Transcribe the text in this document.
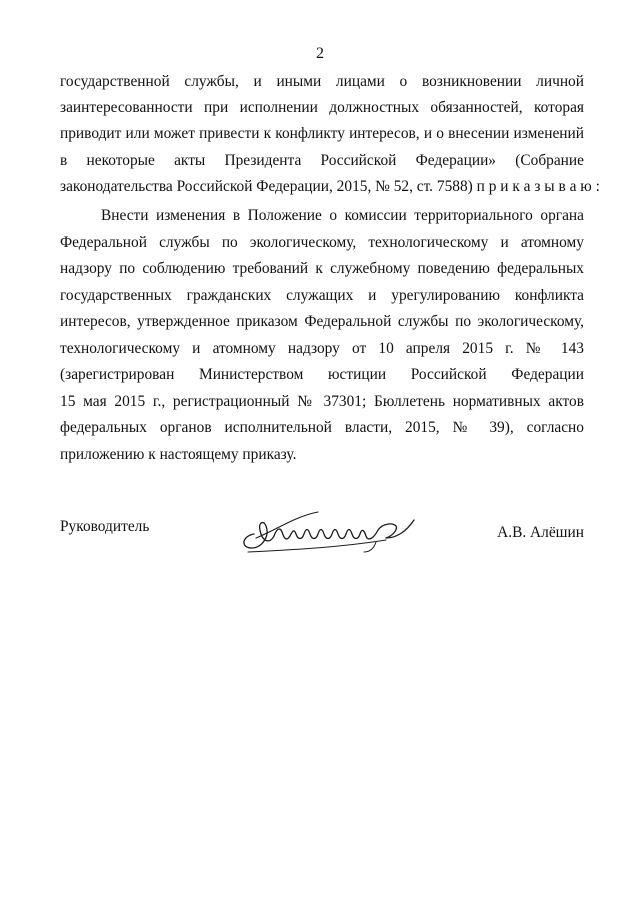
2
государственной службы, и иными лицами о возникновении личной
заинтересованности при исполнении должностных обязанностей, которая
приводит или может привести к конфликту интересов, и о внесении изменений
в некоторые акты Президента Российской Федерации» (Собрание
законодательства Российской Федерации, 2015, № 52, ст. 7588) п р и к а з ы в а ю :
Внести изменения в Положение о комиссии территориального органа
Федеральной службы по экологическому, технологическому и атомному
надзору по соблюдению требований к служебному поведению федеральных
государственных гражданских служащих и урегулированию конфликта
интересов, утвержденное приказом Федеральной службы по экологическому,
технологическому и атомному надзору от 10 апреля 2015 г. № 143
(зарегистрирован Министерством юстиции Российской Федерации
15 мая 2015 г., регистрационный № 37301; Бюллетень нормативных актов
федеральных органов исполнительной власти, 2015, № 39), согласно
приложению к настоящему приказу.
Руководитель	А.В. Алёшин
